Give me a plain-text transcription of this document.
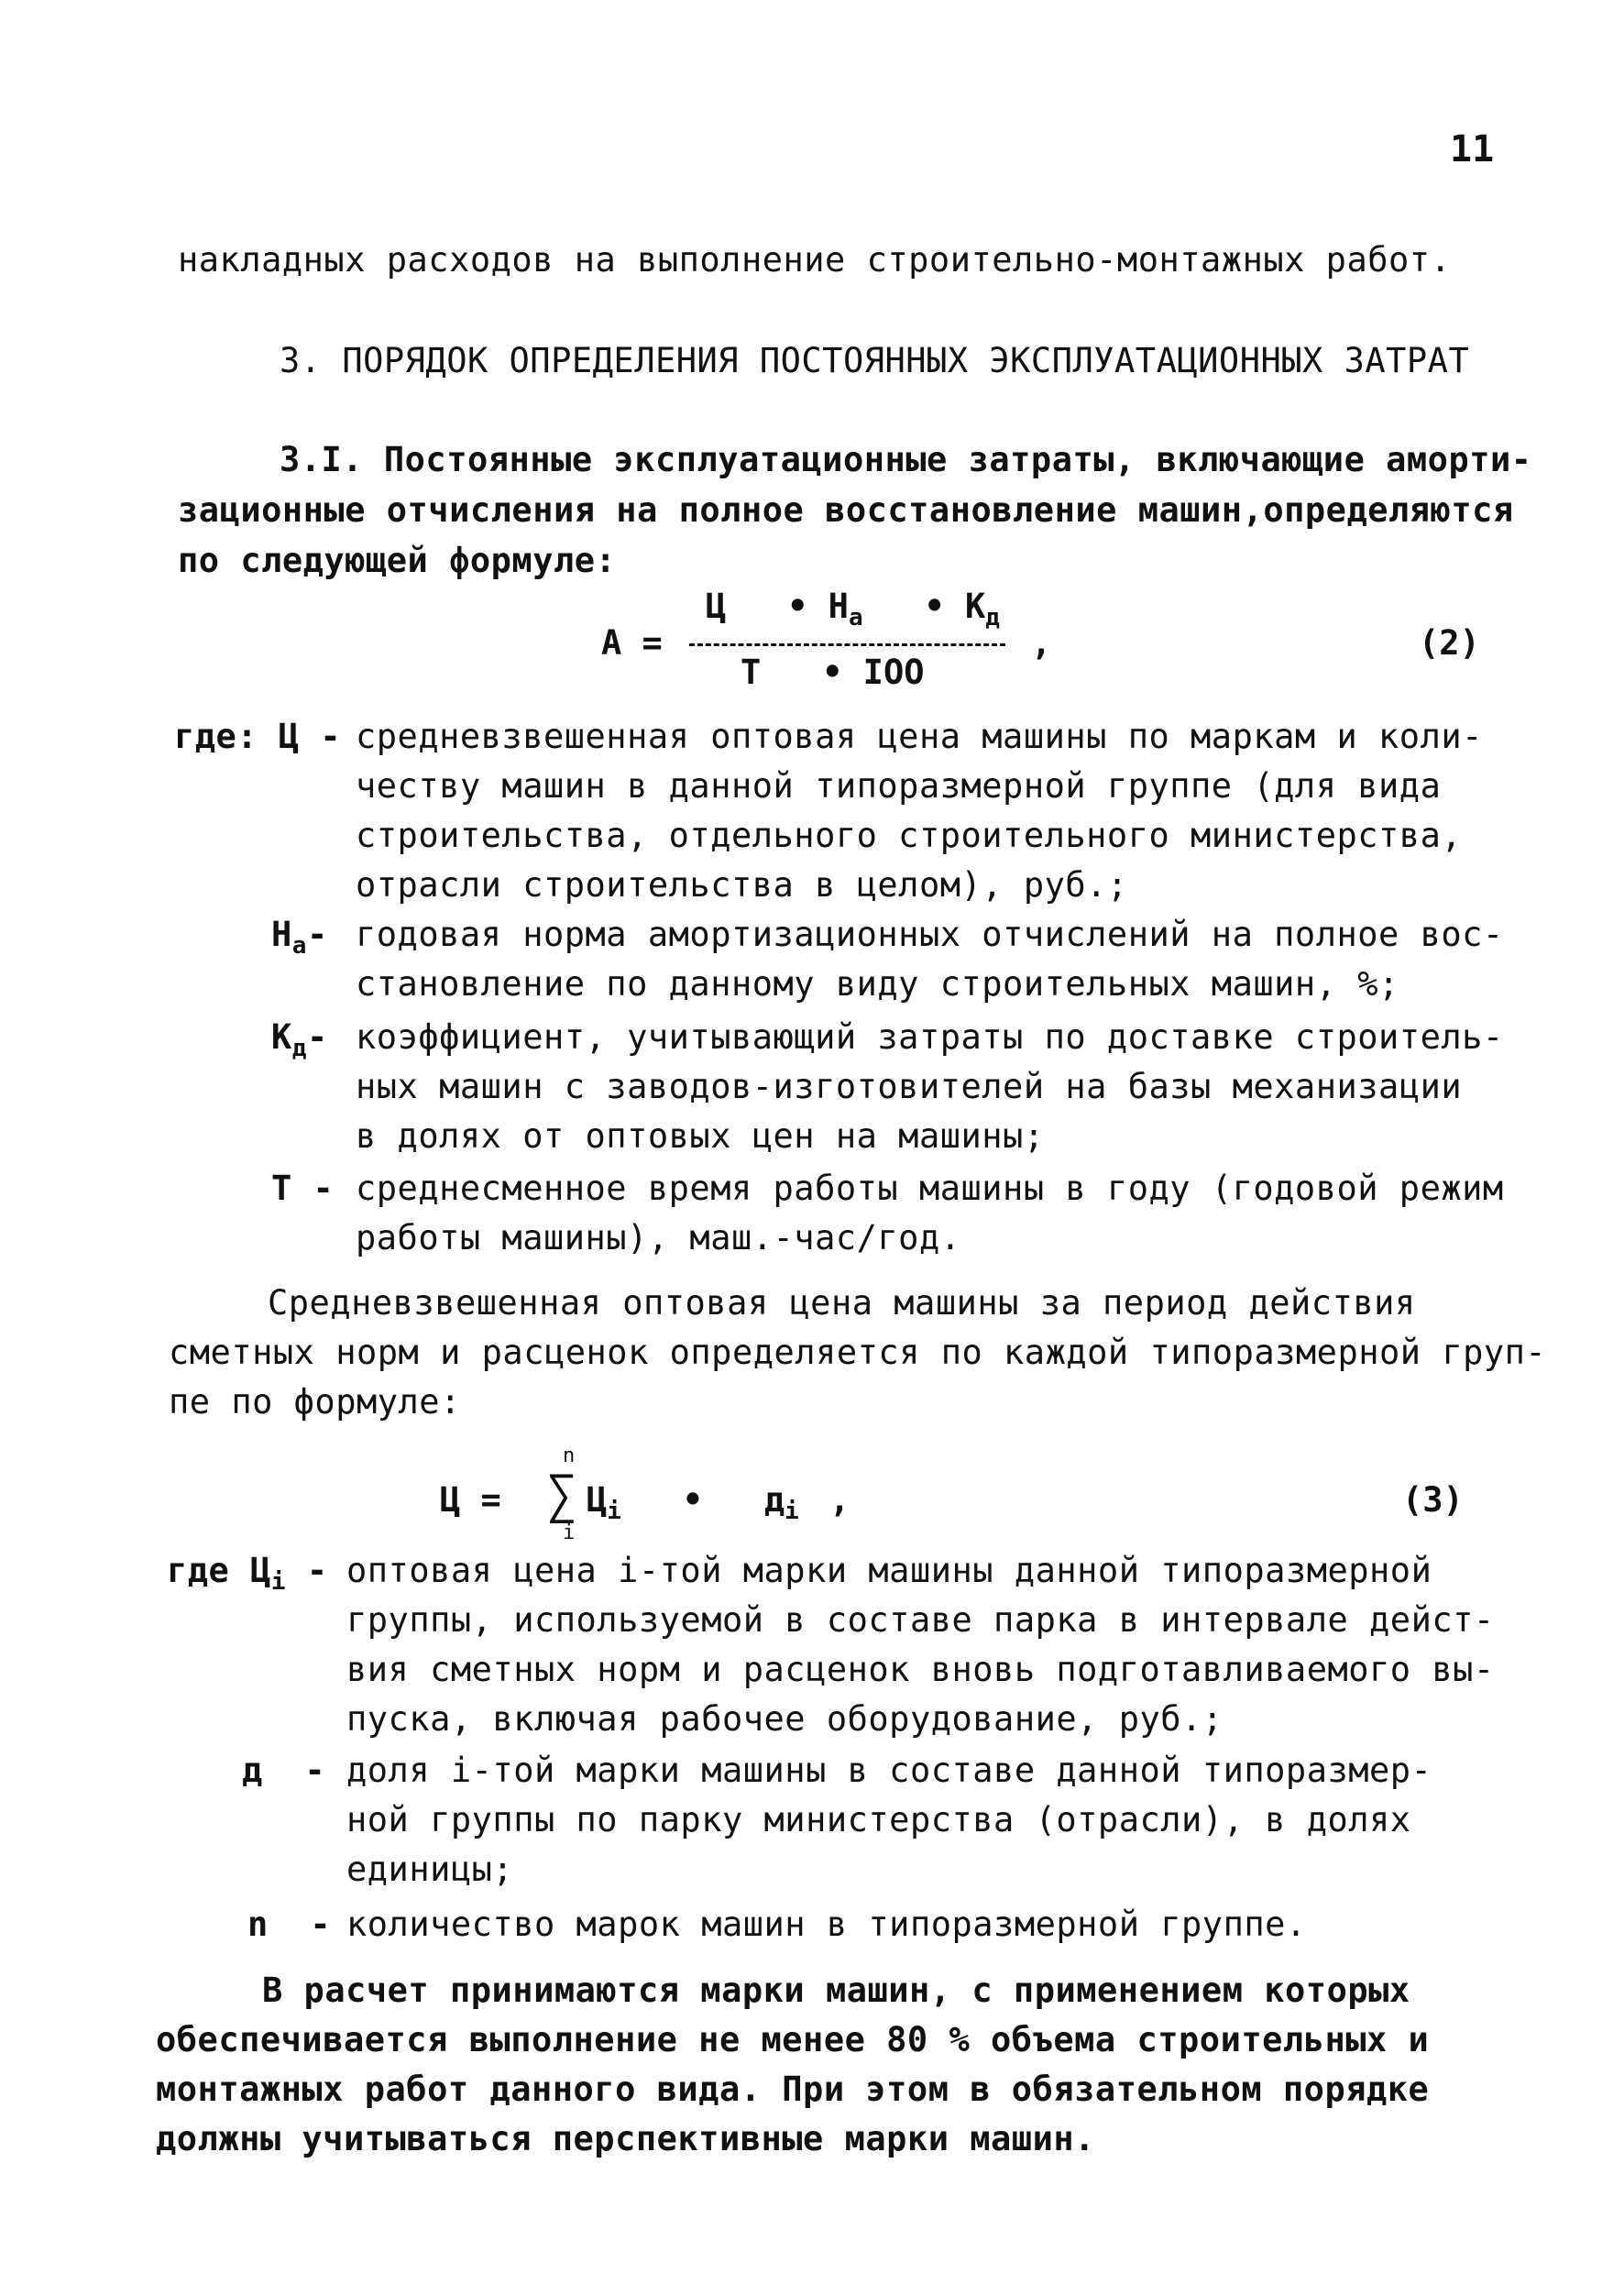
11
накладных расходов на выполнение строительно-монтажных работ.
3. ПОРЯДОК ОПРЕДЕЛЕНИЯ ПОСТОЯННЫХ ЭКСПЛУАТАЦИОННЫХ ЗАТРАТ
3.I. Постоянные эксплуатационные затраты, включающие аморти-
зационные отчисления на полное восстановление машин,определяются
по следующей формуле:
А =
Ц • $Н_а$ • $К_д$
Т • IOO
,	(2)
где: Ц - средневзвешенная оптовая цена машины по маркам и коли-
честву машин в данной типоразмерной группе (для вида
строительства, отдельного строительного министерства,
отрасли строительства в целом), руб.;
$Н_а-$ годовая норма амортизационных отчислений на полное вос-
становление по данному виду строительных машин, %;
$К_д-$ коэффициент, учитывающий затраты по доставке строитель-
ных машин с заводов-изготовителей на базы механизации
в долях от оптовых цен на машины;
Т - среднесменное время работы машины в году (годовой режим
работы машины), маш.-час/год.
Средневзвешенная оптовая цена машины за период действия
сметных норм и расценок определяется по каждой типоразмерной груп-
пе по формуле:
Ц =
n
∑
i
$Ц_i$ • $д_i$ ,	(3)
где $Ц_i$ - оптовая цена i-той марки машины данной типоразмерной
группы, используемой в составе парка в интервале дейст-
вия сметных норм и расценок вновь подготавливаемого вы-
пуска, включая рабочее оборудование, руб.;
д - доля i-той марки машины в составе данной типоразмер-
ной группы по парку министерства (отрасли), в долях
единицы;
n - количество марок машин в типоразмерной группе.
В расчет принимаются марки машин, с применением которых
обеспечивается выполнение не менее 80 % объема строительных и
монтажных работ данного вида. При этом в обязательном порядке
должны учитываться перспективные марки машин.
